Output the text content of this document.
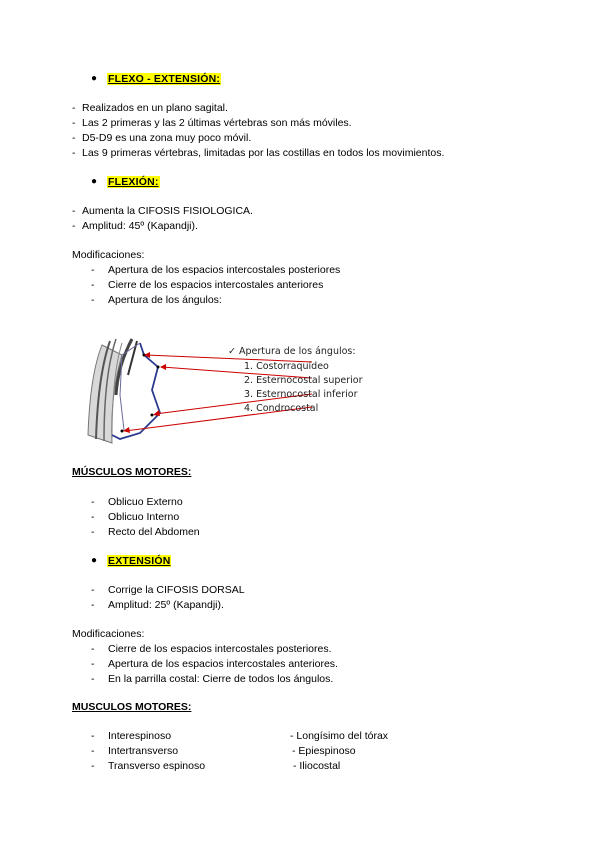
● FLEXO - EXTENSIÓN:
- Realizados en un plano sagital.
- Las 2 primeras y las 2 últimas vértebras son más móviles.
- D5-D9 es una zona muy poco móvil.
- Las 9 primeras vértebras, limitadas por las costillas en todos los movimientos.
● FLEXIÓN:
- Aumenta la CIFOSIS FISIOLOGICA.
- Amplitud: 45º (Kapandji).
Modificaciones:
- Apertura de los espacios intercostales posteriores
- Cierre de los espacios intercostales anteriores
- Apertura de los ángulos:
✓ Apertura de los ángulos:
1. Costorraquídeo
2. Esternocostal superior
3. Esternocostal inferior
4. Condrocostal
MÚSCULOS MOTORES:
- Oblicuo Externo
- Oblicuo Interno
- Recto del Abdomen
● EXTENSIÓN
- Corrige la CIFOSIS DORSAL
- Amplitud: 25º (Kapandji).
Modificaciones:
- Cierre de los espacios intercostales posteriores.
- Apertura de los espacios intercostales anteriores.
- En la parrilla costal: Cierre de todos los ángulos.
MUSCULOS MOTORES:
- Interespinoso	- Longísimo del tórax
- Intertransverso	- Epiespinoso
- Transverso espinoso	- Iliocostal
